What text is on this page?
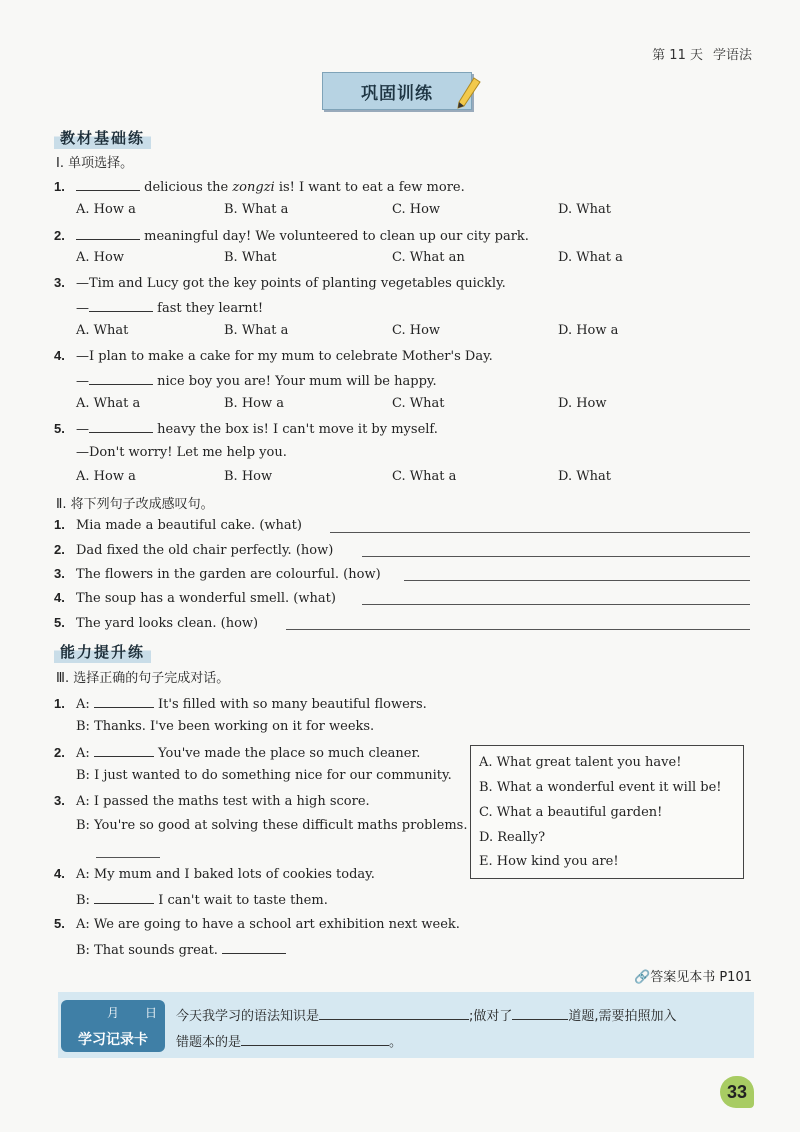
第 11 天 学语法
巩固训练
教材基础练
Ⅰ. 单项选择。
1.	delicious the zongzi is! I want to eat a few more.
A. How a	B. What a	C. How	D. What
2.	meaningful day! We volunteered to clean up our city park.
A. How	B. What	C. What an	D. What a
3. —Tim and Lucy got the key points of planting vegetables quickly.
—	fast they learnt!
A. What	B. What a	C. How	D. How a
4. —I plan to make a cake for my mum to celebrate Mother's Day.
—	nice boy you are! Your mum will be happy.
A. What a	B. How a	C. What	D. How
5. —	heavy the box is! I can't move it by myself.
—Don't worry! Let me help you.
A. How a	B. How	C. What a	D. What
Ⅱ. 将下列句子改成感叹句。
1. Mia made a beautiful cake. (what)
2. Dad fixed the old chair perfectly. (how)
3. The flowers in the garden are colourful. (how)
4. The soup has a wonderful smell. (what)
5. The yard looks clean. (how)
能力提升练
Ⅲ. 选择正确的句子完成对话。
1. A:	It's filled with so many beautiful flowers.
B: Thanks. I've been working on it for weeks.
2. A:	You've made the place so much cleaner.
B: I just wanted to do something nice for our community.
3. A: I passed the maths test with a high score.
B: You're so good at solving these difficult maths problems.
4. A: My mum and I baked lots of cookies today.
B:	I can't wait to taste them.
5. A: We are going to have a school art exhibition next week.
B: That sounds great.
A. What great talent you have!
B. What a wonderful event it will be!
C. What a beautiful garden!
D. Really?
E. How kind you are!
🔗答案见本书 P101
月 日
学习记录卡
今天我学习的语法知识是	;做对了	道题,需要拍照加入
错题本的是	。
33
